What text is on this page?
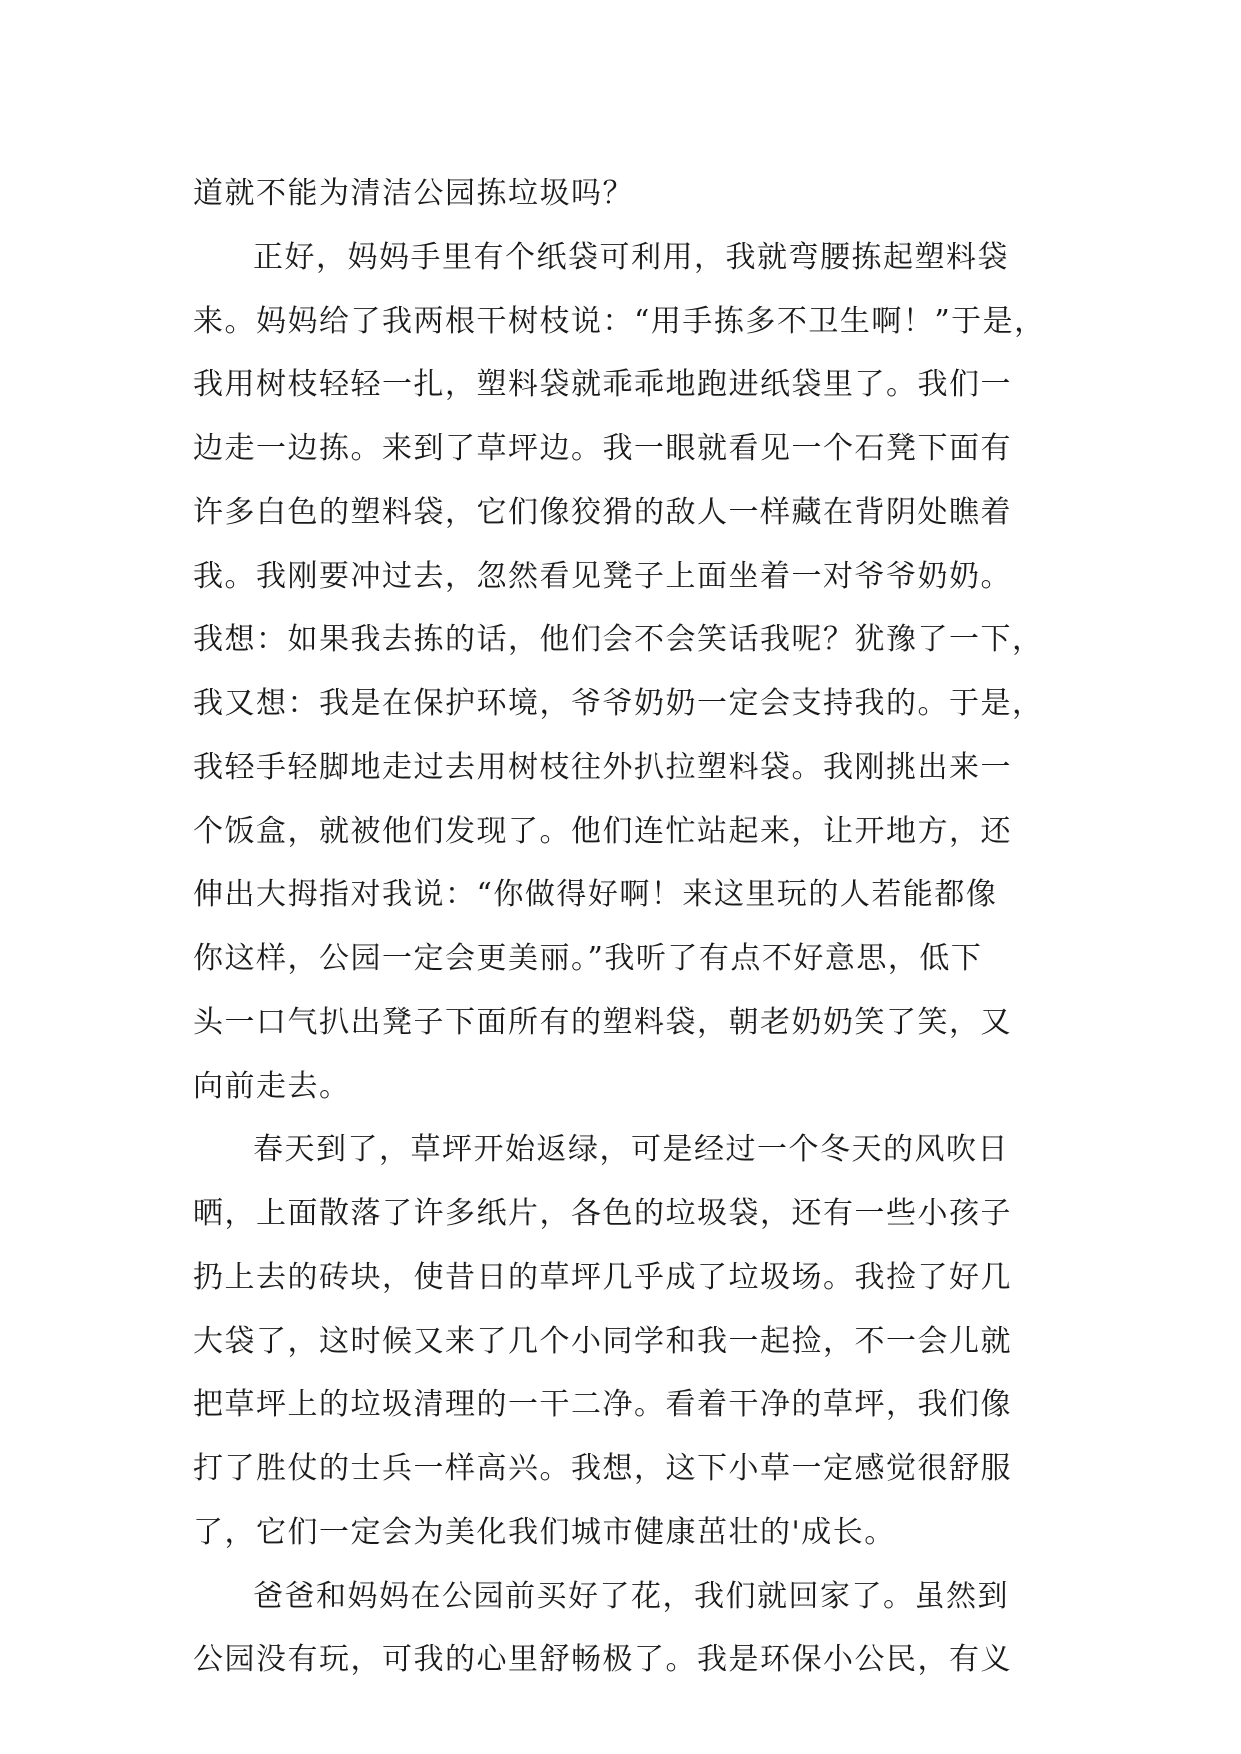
道就不能为清洁公园拣垃圾吗？
正好，妈妈手里有个纸袋可利用，我就弯腰拣起塑料袋
来。妈妈给了我两根干树枝说：“用手拣多不卫生啊！”于是，
我用树枝轻轻一扎，塑料袋就乖乖地跑进纸袋里了。我们一
边走一边拣。来到了草坪边。我一眼就看见一个石凳下面有
许多白色的塑料袋，它们像狡猾的敌人一样藏在背阴处瞧着
我。我刚要冲过去，忽然看见凳子上面坐着一对爷爷奶奶。
我想：如果我去拣的话，他们会不会笑话我呢？犹豫了一下，
我又想：我是在保护环境，爷爷奶奶一定会支持我的。于是，
我轻手轻脚地走过去用树枝往外扒拉塑料袋。我刚挑出来一
个饭盒，就被他们发现了。他们连忙站起来，让开地方，还
伸出大拇指对我说：“你做得好啊！来这里玩的人若能都像
你这样，公园一定会更美丽。”我听了有点不好意思，低下
头一口气扒出凳子下面所有的塑料袋，朝老奶奶笑了笑，又
向前走去。
春天到了，草坪开始返绿，可是经过一个冬天的风吹日
晒，上面散落了许多纸片，各色的垃圾袋，还有一些小孩子
扔上去的砖块，使昔日的草坪几乎成了垃圾场。我捡了好几
大袋了，这时候又来了几个小同学和我一起捡，不一会儿就
把草坪上的垃圾清理的一干二净。看着干净的草坪，我们像
打了胜仗的士兵一样高兴。我想，这下小草一定感觉很舒服
了，它们一定会为美化我们城市健康茁壮的'成长。
爸爸和妈妈在公园前买好了花，我们就回家了。虽然到
公园没有玩，可我的心里舒畅极了。我是环保小公民，有义
